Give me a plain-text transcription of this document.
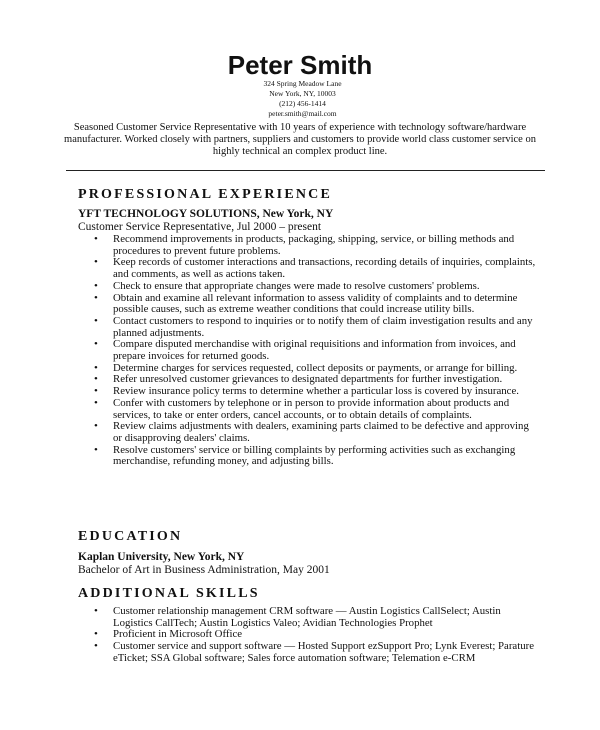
Peter Smith
324 Spring Meadow Lane
New York, NY, 10003
(212) 456-1414
peter.smith@mail.com
Seasoned Customer Service Representative with 10 years of experience with technology software/hardware manufacturer. Worked closely with partners, suppliers and customers to provide world class customer service on highly technical an complex product line.
PROFESSIONAL EXPERIENCE
YFT TECHNOLOGY SOLUTIONS, New York, NY
Customer Service Representative, Jul 2000 – present
• Recommend improvements in products, packaging, shipping, service, or billing methods and procedures to prevent future problems.
• Keep records of customer interactions and transactions, recording details of inquiries, complaints, and comments, as well as actions taken.
• Check to ensure that appropriate changes were made to resolve customers' problems.
• Obtain and examine all relevant information to assess validity of complaints and to determine possible causes, such as extreme weather conditions that could increase utility bills.
• Contact customers to respond to inquiries or to notify them of claim investigation results and any planned adjustments.
• Compare disputed merchandise with original requisitions and information from invoices, and prepare invoices for returned goods.
• Determine charges for services requested, collect deposits or payments, or arrange for billing.
• Refer unresolved customer grievances to designated departments for further investigation.
• Review insurance policy terms to determine whether a particular loss is covered by insurance.
• Confer with customers by telephone or in person to provide information about products and services, to take or enter orders, cancel accounts, or to obtain details of complaints.
• Review claims adjustments with dealers, examining parts claimed to be defective and approving or disapproving dealers' claims.
• Resolve customers' service or billing complaints by performing activities such as exchanging merchandise, refunding money, and adjusting bills.
EDUCATION
Kaplan University, New York, NY
Bachelor of Art in Business Administration, May 2001
ADDITIONAL SKILLS
• Customer relationship management CRM software — Austin Logistics CallSelect; Austin Logistics CallTech; Austin Logistics Valeo; Avidian Technologies Prophet
• Proficient in Microsoft Office
• Customer service and support software — Hosted Support ezSupport Pro; Lynk Everest; Parature eTicket; SSA Global software; Sales force automation software; Telemation e-CRM
